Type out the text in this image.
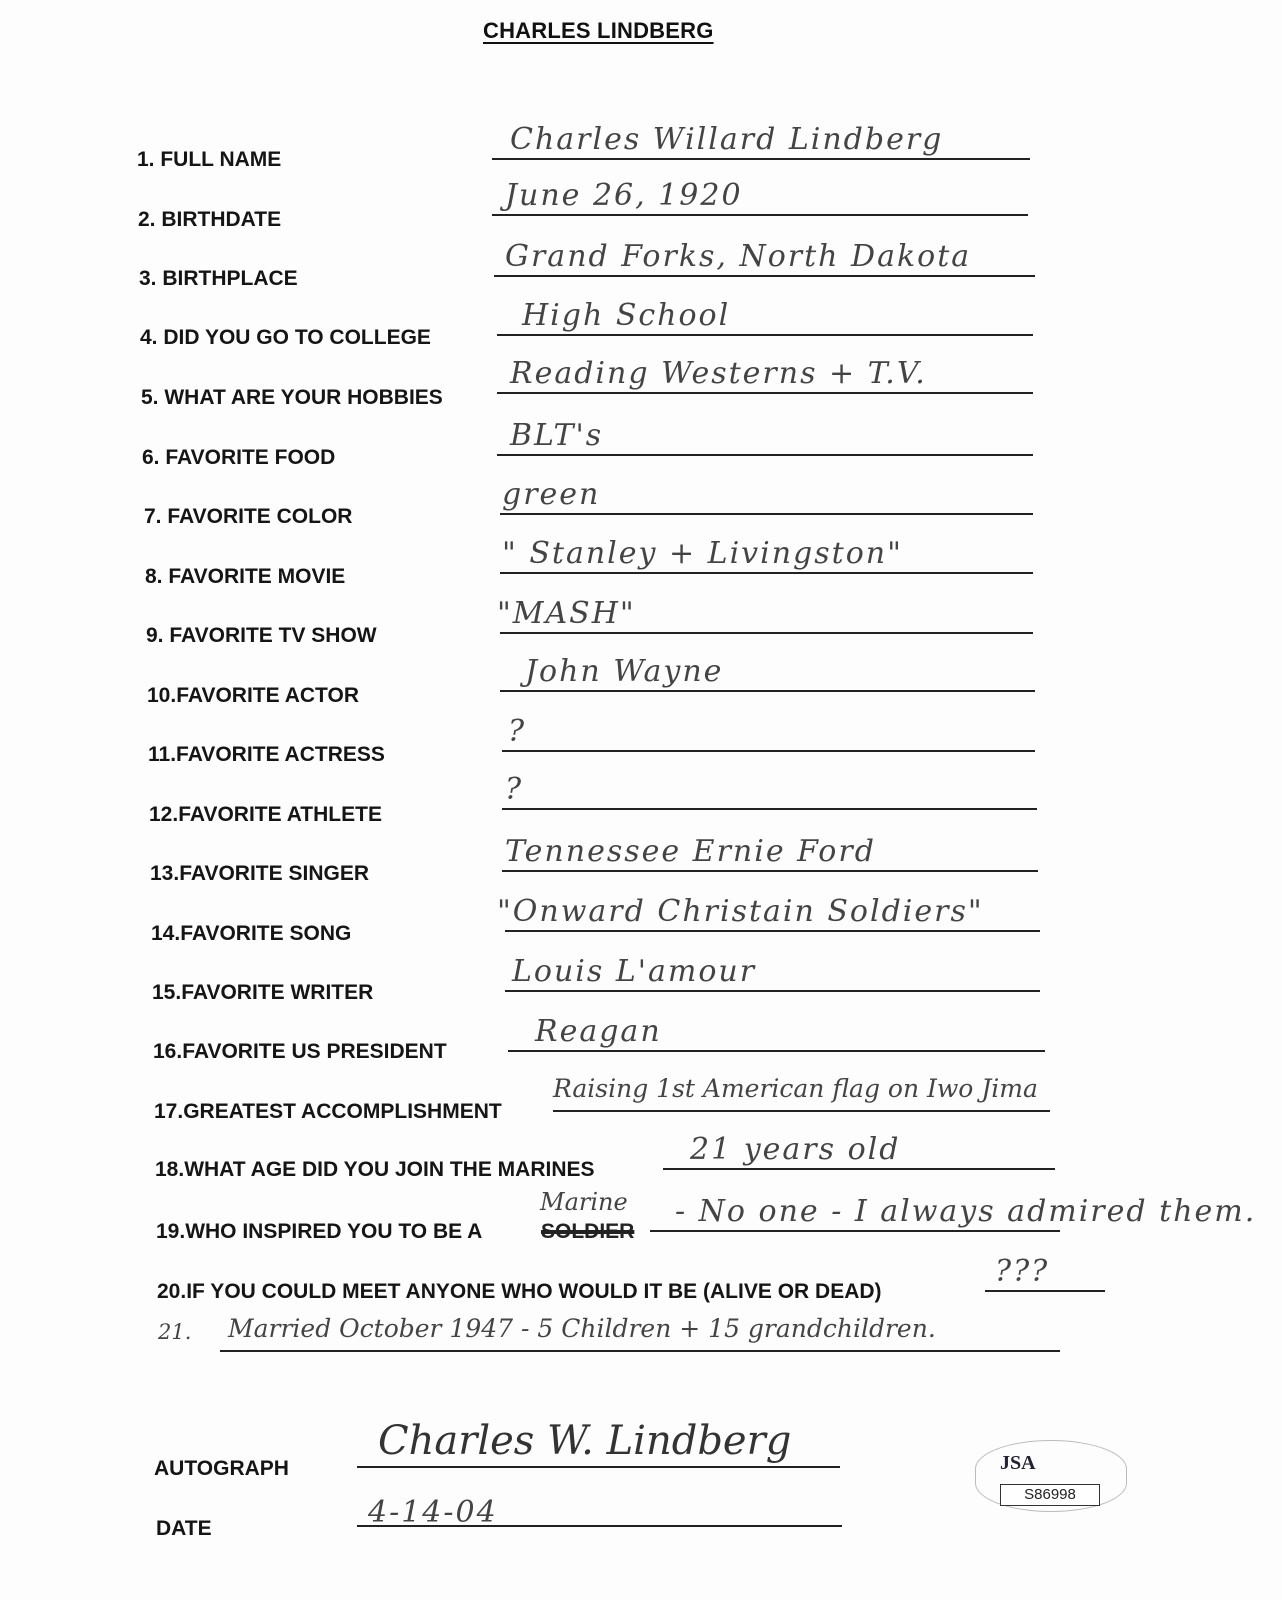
CHARLES LINDBERG
1. FULL NAME
Charles Willard Lindberg
2. BIRTHDATE
June 26, 1920
3. BIRTHPLACE
Grand Forks, North Dakota
4. DID YOU GO TO COLLEGE
High School
5. WHAT ARE YOUR HOBBIES
Reading Westerns + T.V.
6. FAVORITE FOOD
BLT's
7. FAVORITE COLOR
green
8. FAVORITE MOVIE
" Stanley + Livingston"
9. FAVORITE TV SHOW
"MASH"
10.FAVORITE ACTOR
John Wayne
11.FAVORITE ACTRESS
?
12.FAVORITE ATHLETE
?
13.FAVORITE SINGER
Tennessee Ernie Ford
14.FAVORITE SONG
"Onward Christain Soldiers"
15.FAVORITE WRITER
Louis L'amour
16.FAVORITE US PRESIDENT
Reagan
17.GREATEST ACCOMPLISHMENT
Raising 1st American flag on Iwo Jima
18.WHAT AGE DID YOU JOIN THE MARINES
21 years old
19.WHO INSPIRED YOU TO BE A	SOLDIER
Marine - No one - I always admired them.
20.IF YOU COULD MEET ANYONE WHO WOULD IT BE (ALIVE OR DEAD)
???
21. Married October 1947 - 5 Children + 15 grandchildren.
AUTOGRAPH
Charles W. Lindberg
DATE	4-14-04
JSA
S86998
